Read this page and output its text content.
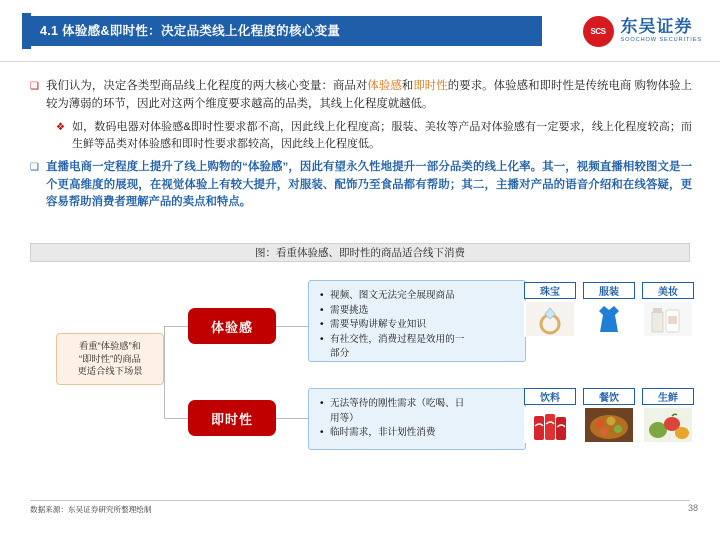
4.1 体验感&即时性：决定品类线上化程度的核心变量	SCS 东吴证券
SOOCHOW SECURITIES
❑ 我们认为，决定各类型商品线上化程度的两大核心变量：商品对体验感和即时性的要求。体验感和即时性是传统电商 购物体验上较为薄弱的环节，因此对这两个维度要求越高的品类，其线上化程度就越低。
❖ 如，数码电器对体验感&即时性要求都不高，因此线上化程度高；服装、美妆等产品对体验感有一定要求，线上化程度较高；而生鲜等品类对体验感和即时性要求都较高，因此线上化程度低。
❑ 直播电商一定程度上提升了线上购物的“体验感”，因此有望永久性地提升一部分品类的线上化率。其一，视频直播相较图文是一个更高维度的展现，在视觉体验上有较大提升，对服装、配饰乃至食品都有帮助；其二，主播对产品的语音介绍和在线答疑，更容易帮助消费者理解产品的卖点和特点。
图：看重体验感、即时性的商品适合线下消费
看重“体验感”和
“即时性”的商品
更适合线下场景
体验感
即时性
• 视频、图文无法完全展现商品
• 需要挑选
• 需要导购讲解专业知识
• 有社交性，消费过程是效用的一
部分
• 无法等待的刚性需求（吃喝、日
用等）
• 临时需求，非计划性消费
珠宝	服装	美妆
饮料	餐饮	生鲜
数据来源：东吴证券研究所整理绘制	38
